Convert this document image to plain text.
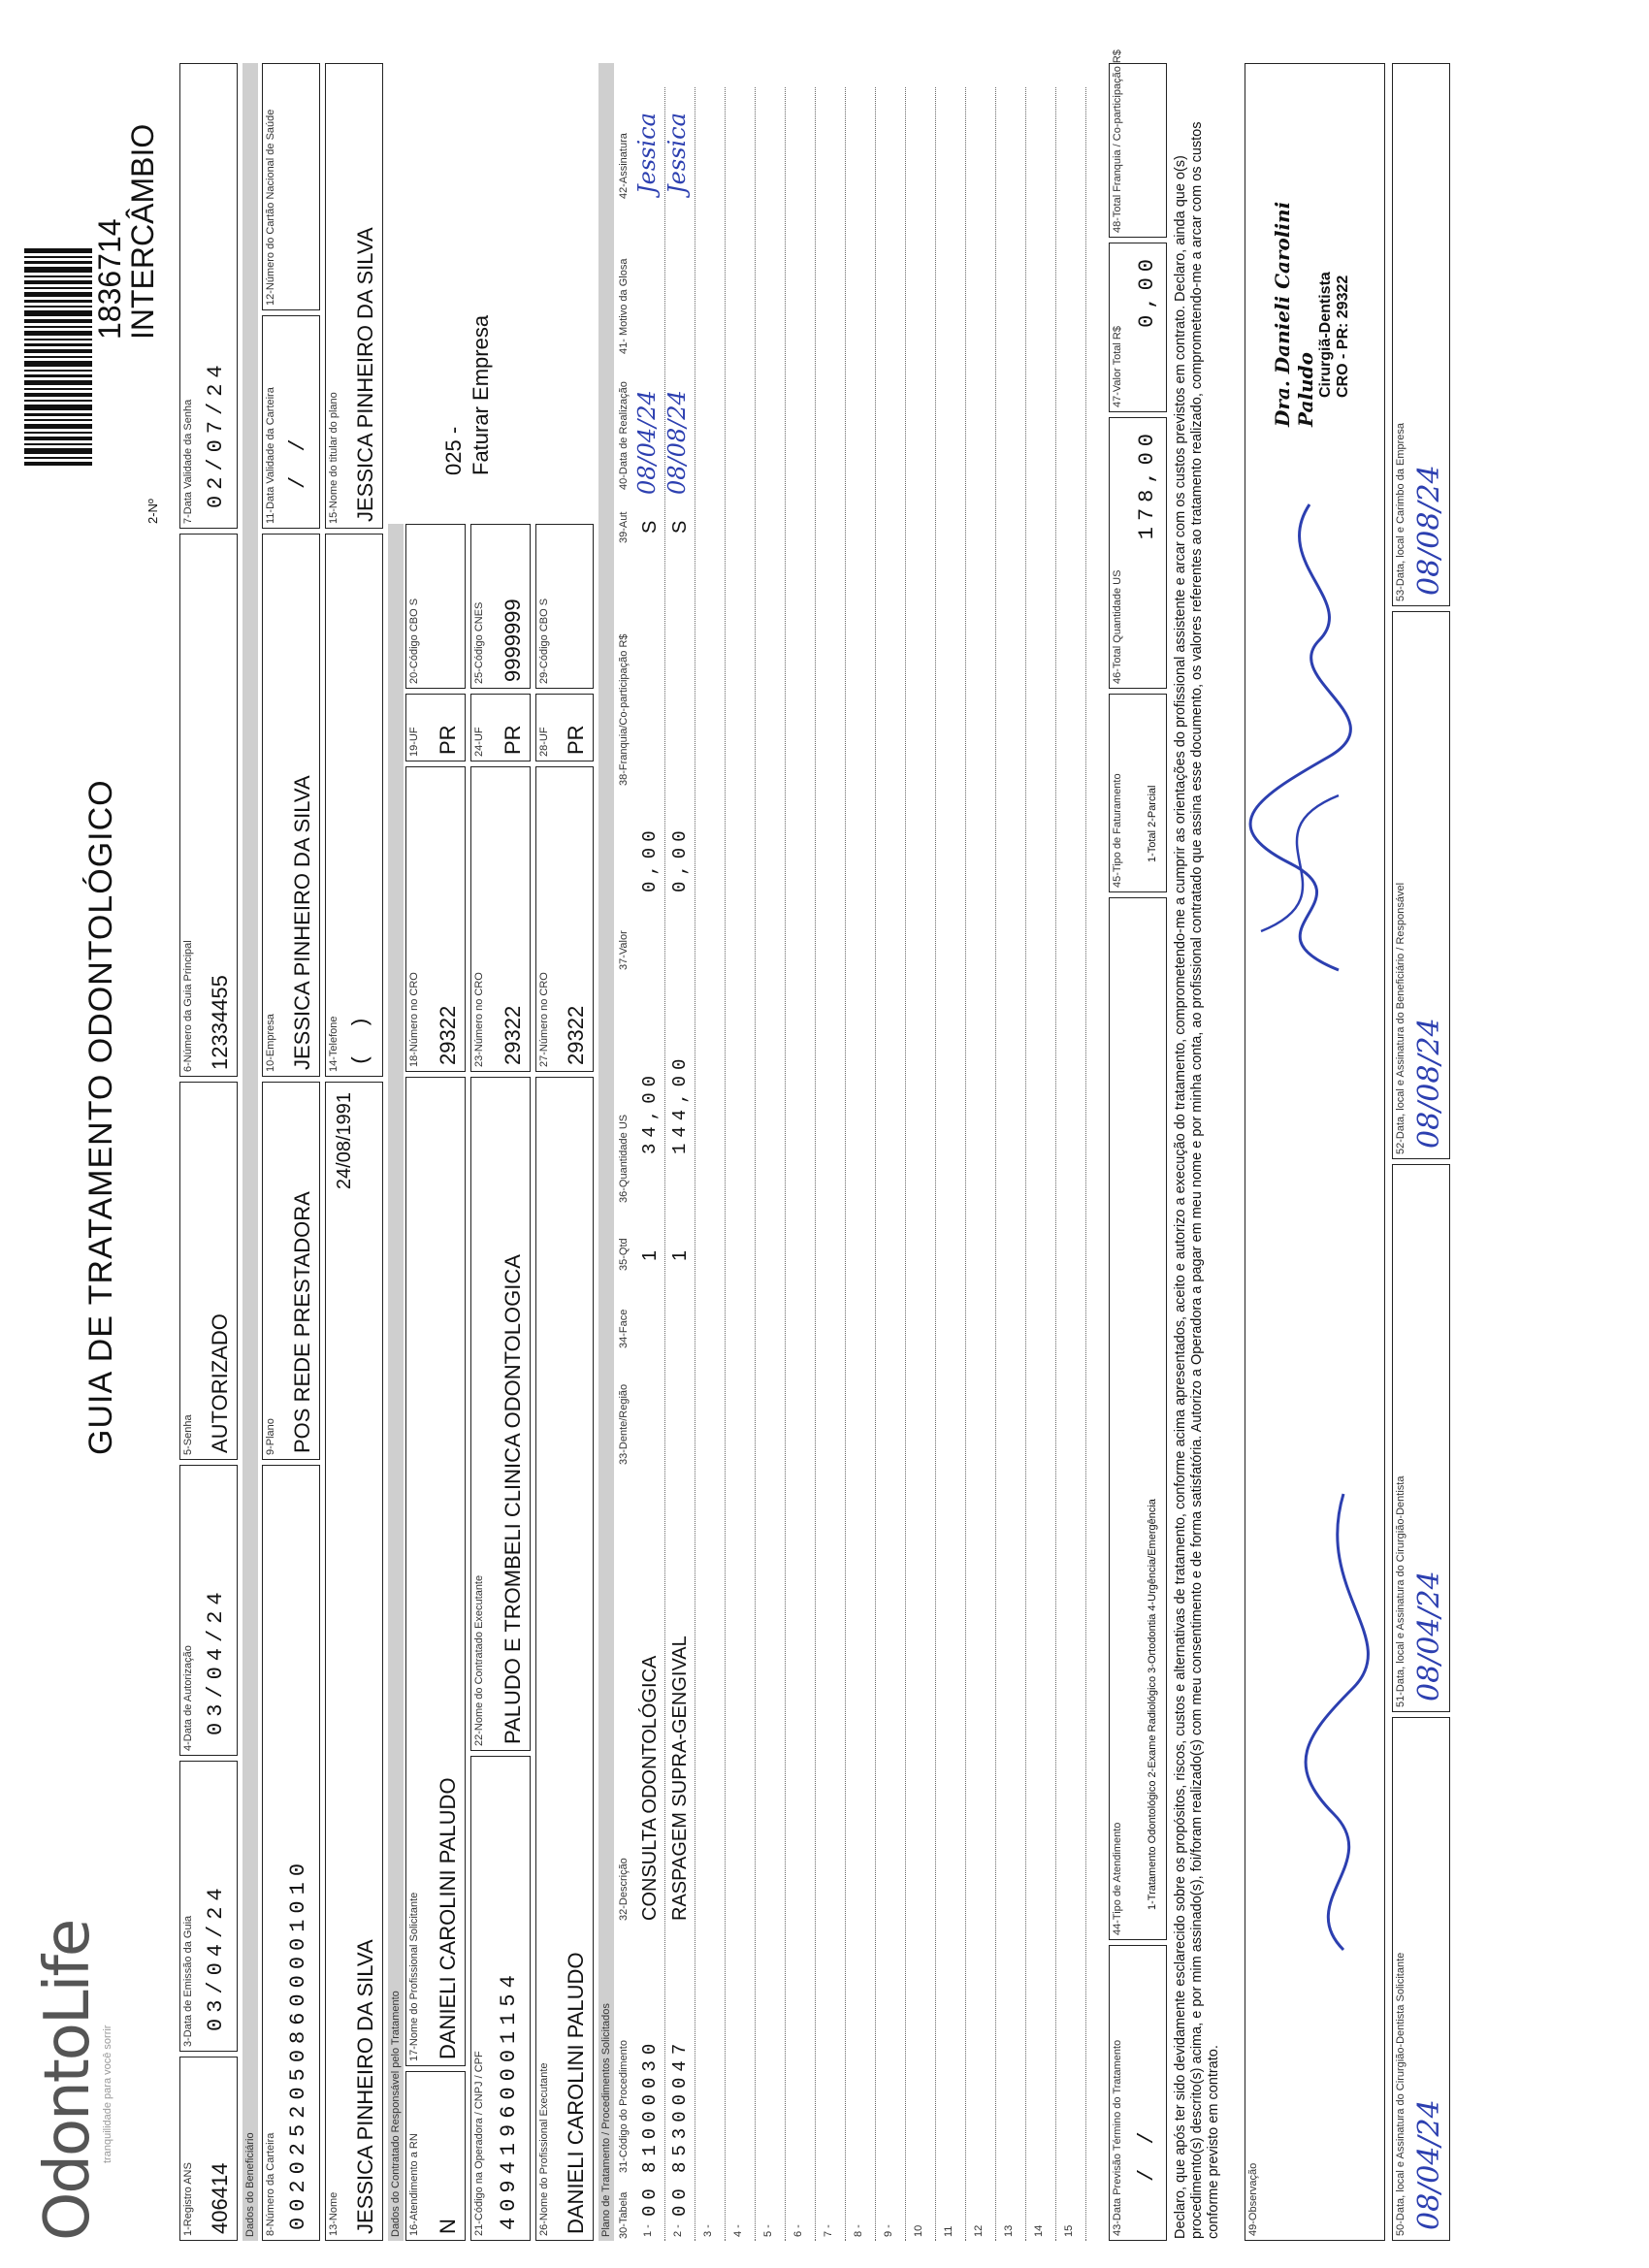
OdontoLife
tranquilidade para você sorrir
GUIA DE TRATAMENTO ODONTOLÓGICO
2-Nº
1836714
INTERCÂMBIO
1-Registro ANS 406414
3-Data de Emissão da Guia 03/04/24
4-Data de Autorização 03/04/24
5-Senha AUTORIZADO
6-Número da Guia Principal 12334455
7-Data Validade da Senha 02/07/24
Dados do Beneficiário 8-Número da Carteira 00202520508600001010
9-Plano POS REDE PRESTADORA
10-Empresa JESSICA PINHEIRO DA SILVA
11-Data Validade da Carteira / /
12-Número do Cartão Nacional de Saúde
13-Nome JESSICA PINHEIRO DA SILVA
24/08/1991
14-Telefone ( )
15-Nome do titular do plano JESSICA PINHEIRO DA SILVA
Dados do Contratado Responsável pelo Tratamento 16-Atendimento a RN N
17-Nome do Profissional Solicitante DANIELI CAROLINI PALUDO
18-Número no CRO 29322
19-UF PR
20-Código CBO S
21-Código na Operadora / CNPJ / CPF 40941960001154
22-Nome do Contratado Executante PALUDO E TROMBELI CLINICA ODONTOLOGICA
23-Número no CRO 29322
24-UF PR
25-Código CNES 9999999
26-Nome do Profissional Executante DANIELI CAROLINI PALUDO
27-Número no CRO 29322
28-UF PR
29-Código CBO S
025 - Faturar Empresa
Plano de Tratamento / Procedimentos Solicitados 30-Tabela
31-Código do Procedimento
32-Descrição
33-Dente/Região
34-Face
35-Qtd
36-Quantidade US
37-Valor
38-Franquia/Co-participação R$
39-Aut
40-Data de Realização
41- Motivo da Glosa
42-Assinatura
1 -
00
81000030
CONSULTA ODONTOLÓGICA
1
34,00
0,00
S
08/04/24
Jessica
2 -
00
85300047
RASPAGEM SUPRA-GENGIVAL
1
144,00
0,00
S
08/08/24
Jessica
3 - 4 - 5 - 6 - 7 - 8 - 9 - 10 11 12 13 14 15	43-Data Previsão Término do Tratamento / /
44-Tipo de Atendimento 1-Tratamento Odontológico 2-Exame Radiológico 3-Ortodontia 4-Urgência/Emergência
45-Tipo de Faturamento 1-Total 2-Parcial
46-Total Quantidade US
178,00
47-Valor Total R$
0,00
48-Total Franquia / Co-participação R$
Declaro, que após ter sido devidamente esclarecido sobre os propósitos, riscos, custos e alternativas de tratamento, conforme acima apresentados, aceito e autorizo a execução do tratamento, comprometendo-me a cumprir as orientações do profissional assistente e arcar com os custos previstos em contrato. Declaro, ainda que o(s) procedimento(s) descrito(s) acima, e por mim assinado(s), foi/foram realizado(s) com meu consentimento e de forma satisfatória. Autorizo a Operadora a pagar em meu nome e por minha conta, ao profissional contratado que assina esse documento, os valores referentes ao tratamento realizado, comprometendo-me a arcar com os custos conforme previsto em contrato. 49-Observação
Dra. Danieli Carolini Paludo Cirurgiã-Dentista CRO - PR: 29322
50-Data, local e Assinatura do Cirurgião-Dentista Solicitante 08/04/24
51-Data, local e Assinatura do Cirurgião-Dentista 08/04/24
52-Data, local e Assinatura do Beneficiário / Responsável 08/08/24
53-Data, local e Carimbo da Empresa 08/08/24
